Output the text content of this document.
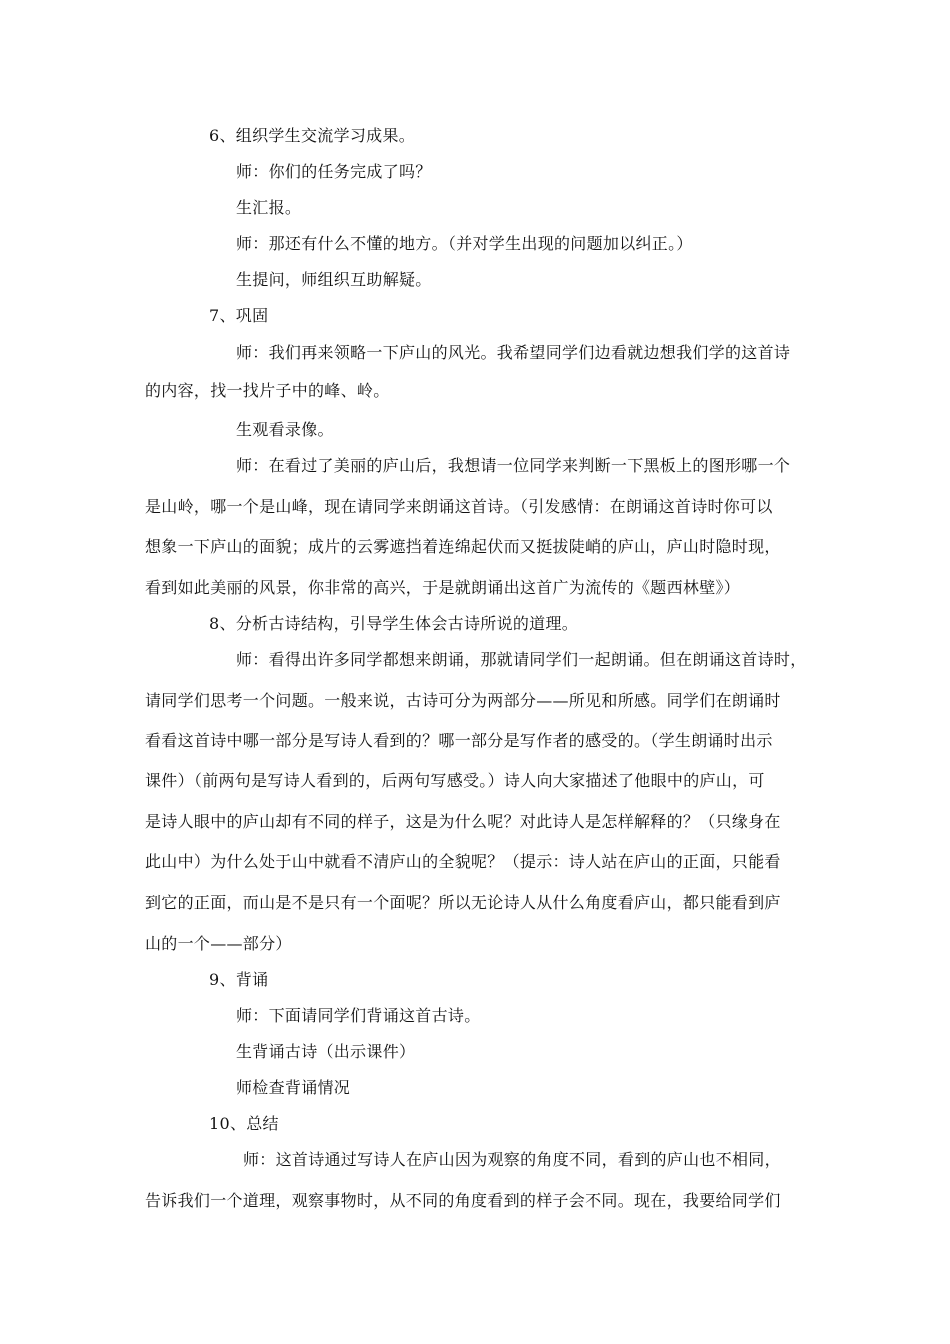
6、组织学生交流学习成果。
师：你们的任务完成了吗？
生汇报。
师：那还有什么不懂的地方。（并对学生出现的问题加以纠正。）
生提问，师组织互助解疑。
7、巩固
师：我们再来领略一下庐山的风光。我希望同学们边看就边想我们学的这首诗
的内容，找一找片子中的峰、岭。
生观看录像。
师：在看过了美丽的庐山后，我想请一位同学来判断一下黑板上的图形哪一个
是山岭，哪一个是山峰，现在请同学来朗诵这首诗。（引发感情：在朗诵这首诗时你可以
想象一下庐山的面貌；成片的云雾遮挡着连绵起伏而又挺拔陡峭的庐山，庐山时隐时现，
看到如此美丽的风景，你非常的高兴，于是就朗诵出这首广为流传的《题西林壁》）
8、分析古诗结构，引导学生体会古诗所说的道理。
师：看得出许多同学都想来朗诵，那就请同学们一起朗诵。但在朗诵这首诗时，
请同学们思考一个问题。一般来说，古诗可分为两部分——所见和所感。同学们在朗诵时
看看这首诗中哪一部分是写诗人看到的？哪一部分是写作者的感受的。（学生朗诵时出示
课件）（前两句是写诗人看到的，后两句写感受。）诗人向大家描述了他眼中的庐山，可
是诗人眼中的庐山却有不同的样子，这是为什么呢？对此诗人是怎样解释的？（只缘身在
此山中）为什么处于山中就看不清庐山的全貌呢？（提示：诗人站在庐山的正面，只能看
到它的正面，而山是不是只有一个面呢？所以无论诗人从什么角度看庐山，都只能看到庐
山的一个——部分）
9、背诵
师：下面请同学们背诵这首古诗。
生背诵古诗（出示课件）
师检查背诵情况
10、总结
师：这首诗通过写诗人在庐山因为观察的角度不同，看到的庐山也不相同，
告诉我们一个道理，观察事物时，从不同的角度看到的样子会不同。现在，我要给同学们
